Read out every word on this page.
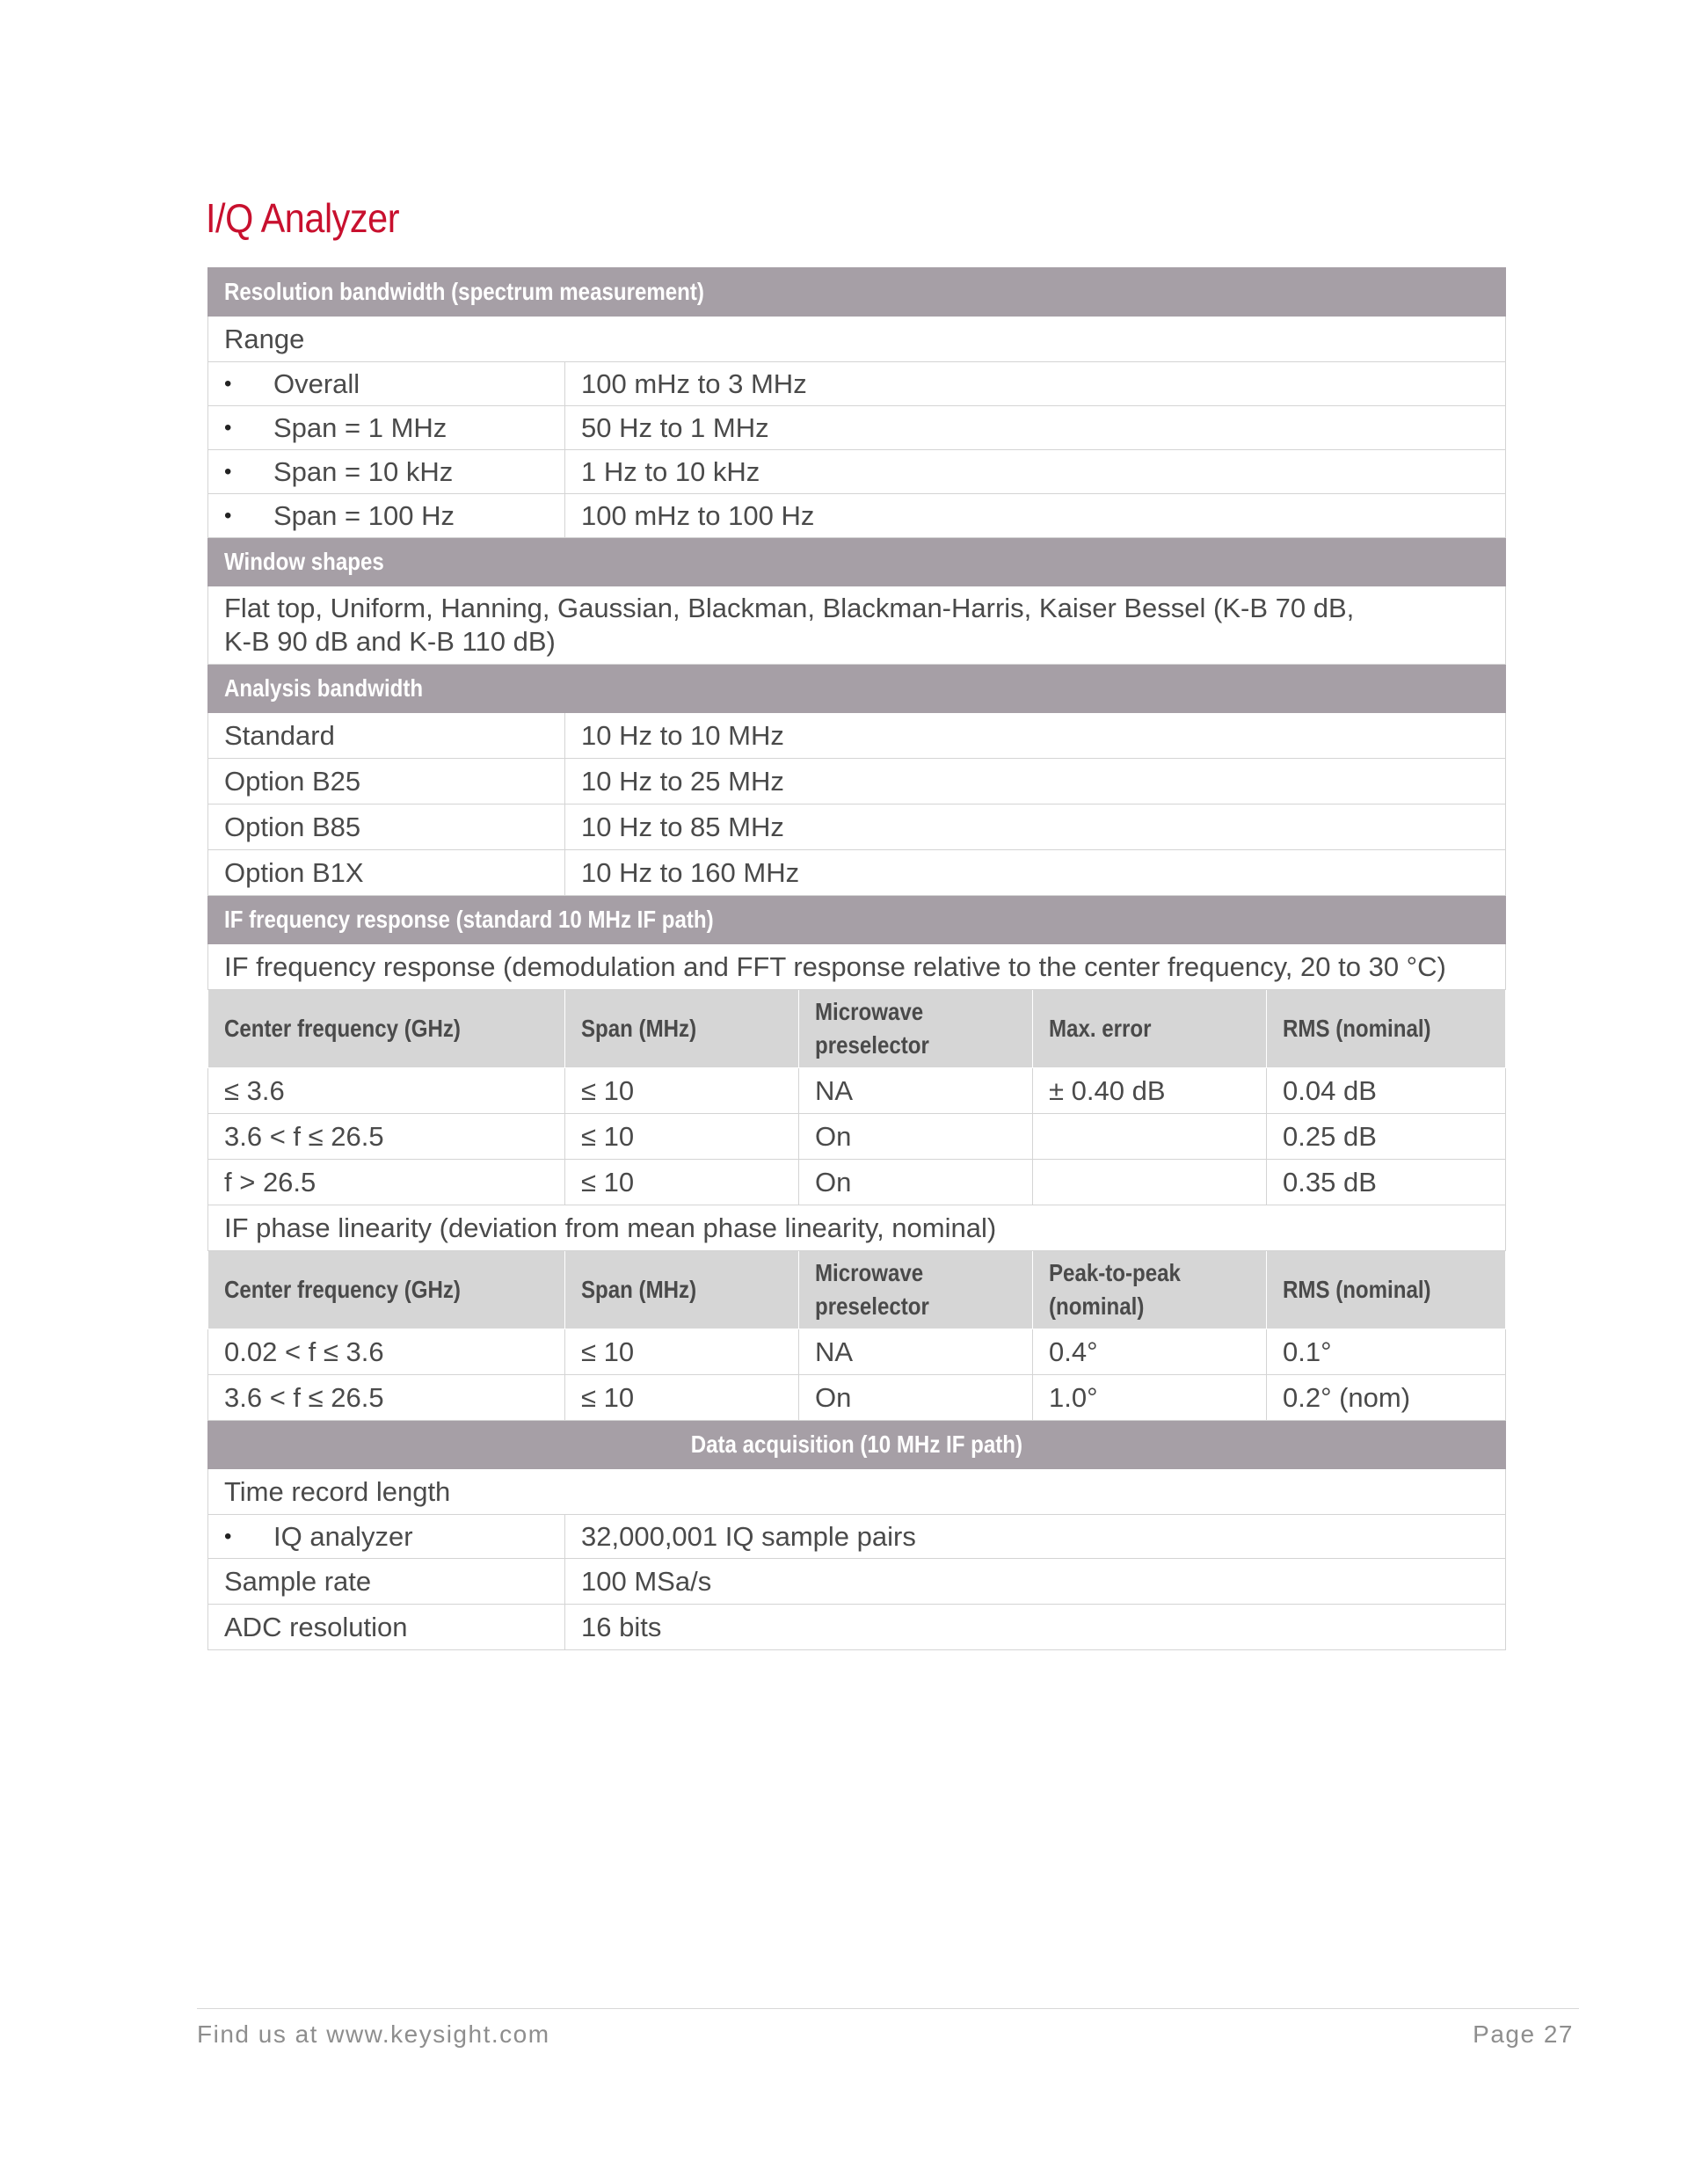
I/Q Analyzer
Resolution bandwidth (spectrum measurement)				
Range				

• Overall	100 mHz to 3 MHz			

• Span = 1 MHz	50 Hz to 1 MHz			

• Span = 10 kHz	1 Hz to 10 kHz			

• Span = 100 Hz	100 mHz to 100 Hz			
Window shapes				
Flat top, Uniform, Hanning, Gaussian, Blackman, Blackman-Harris, Kaiser Bessel (K-B 70 dB,
K-B 90 dB and K-B 110 dB)				
Analysis bandwidth				
Standard	10 Hz to 10 MHz			
Option B25	10 Hz to 25 MHz			
Option B85	10 Hz to 85 MHz			
Option B1X	10 Hz to 160 MHz			
IF frequency response (standard 10 MHz IF path)				
IF frequency response (demodulation and FFT response relative to the center frequency, 20 to 30 °C)				
Center frequency (GHz)	Span (MHz)	Microwave preselector	Max. error	RMS (nominal)
≤ 3.6	≤ 10	NA	± 0.40 dB	0.04 dB
3.6 < f ≤ 26.5	≤ 10	On		0.25 dB
f > 26.5	≤ 10	On		0.35 dB
IF phase linearity (deviation from mean phase linearity, nominal)				
Center frequency (GHz)	Span (MHz)	Microwave preselector	Peak-to-peak (nominal)	RMS (nominal)
0.02 < f ≤ 3.6	≤ 10	NA	0.4°	0.1°
3.6 < f ≤ 26.5	≤ 10	On	1.0°	0.2° (nom)
Data acquisition (10 MHz IF path)				
Time record length				

• IQ analyzer	32,000,001 IQ sample pairs			
Sample rate	100 MSa/s			
ADC resolution	16 bits			
Find us at www.keysight.com	Page 27
